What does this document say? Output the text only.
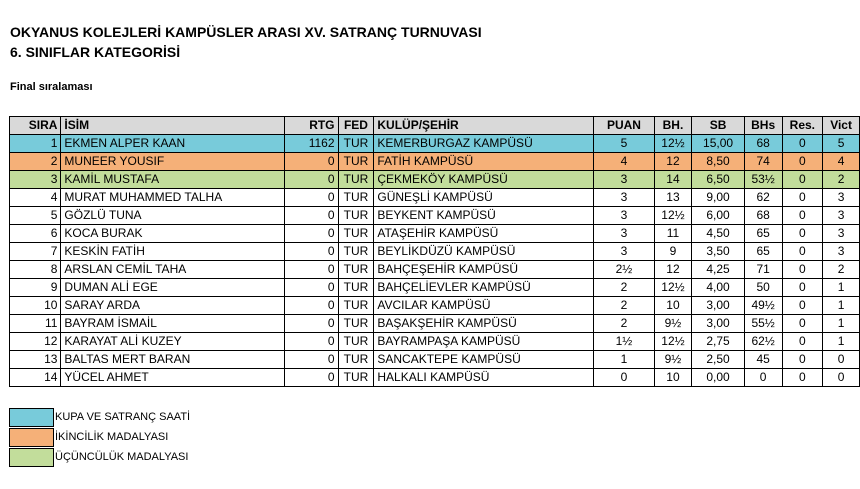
OKYANUS KOLEJLERİ KAMPÜSLER ARASI XV. SATRANÇ TURNUVASI
6. SINIFLAR KATEGORİSİ
Final sıralaması
SIRA	İSİM	RTG	FED	KULÜP/ŞEHİR	PUAN	BH.	SB	BHs	Res.	Vict
1	EKMEN ALPER KAAN	1162	TUR	KEMERBURGAZ KAMPÜSÜ	5	12½	15,00	68	0	5
2	MUNEER YOUSIF	0	TUR	FATİH KAMPÜSÜ	4	12	8,50	74	0	4
3	KAMİL MUSTAFA	0	TUR	ÇEKMEKÖY KAMPÜSÜ	3	14	6,50	53½	0	2
4	MURAT MUHAMMED TALHA	0	TUR	GÜNEŞLİ KAMPÜSÜ	3	13	9,00	62	0	3
5	GÖZLÜ TUNA	0	TUR	BEYKENT KAMPÜSÜ	3	12½	6,00	68	0	3
6	KOCA BURAK	0	TUR	ATAŞEHİR KAMPÜSÜ	3	11	4,50	65	0	3
7	KESKİN FATİH	0	TUR	BEYLİKDÜZÜ KAMPÜSÜ	3	9	3,50	65	0	3
8	ARSLAN CEMİL TAHA	0	TUR	BAHÇEŞEHİR KAMPÜSÜ	2½	12	4,25	71	0	2
9	DUMAN ALİ EGE	0	TUR	BAHÇELİEVLER KAMPÜSÜ	2	12½	4,00	50	0	1
10	SARAY ARDA	0	TUR	AVCILAR KAMPÜSÜ	2	10	3,00	49½	0	1
11	BAYRAM İSMAİL	0	TUR	BAŞAKŞEHİR KAMPÜSÜ	2	9½	3,00	55½	0	1
12	KARAYAT ALİ KUZEY	0	TUR	BAYRAMPAŞA KAMPÜSÜ	1½	12½	2,75	62½	0	1
13	BALTAS MERT BARAN	0	TUR	SANCAKTEPE KAMPÜSÜ	1	9½	2,50	45	0	0
14	YÜCEL AHMET	0	TUR	HALKALI KAMPÜSÜ	0	10	0,00	0	0	0
KUPA VE SATRANÇ SAATİ
İKİNCİLİK MADALYASI
ÜÇÜNCÜLÜK MADALYASI
